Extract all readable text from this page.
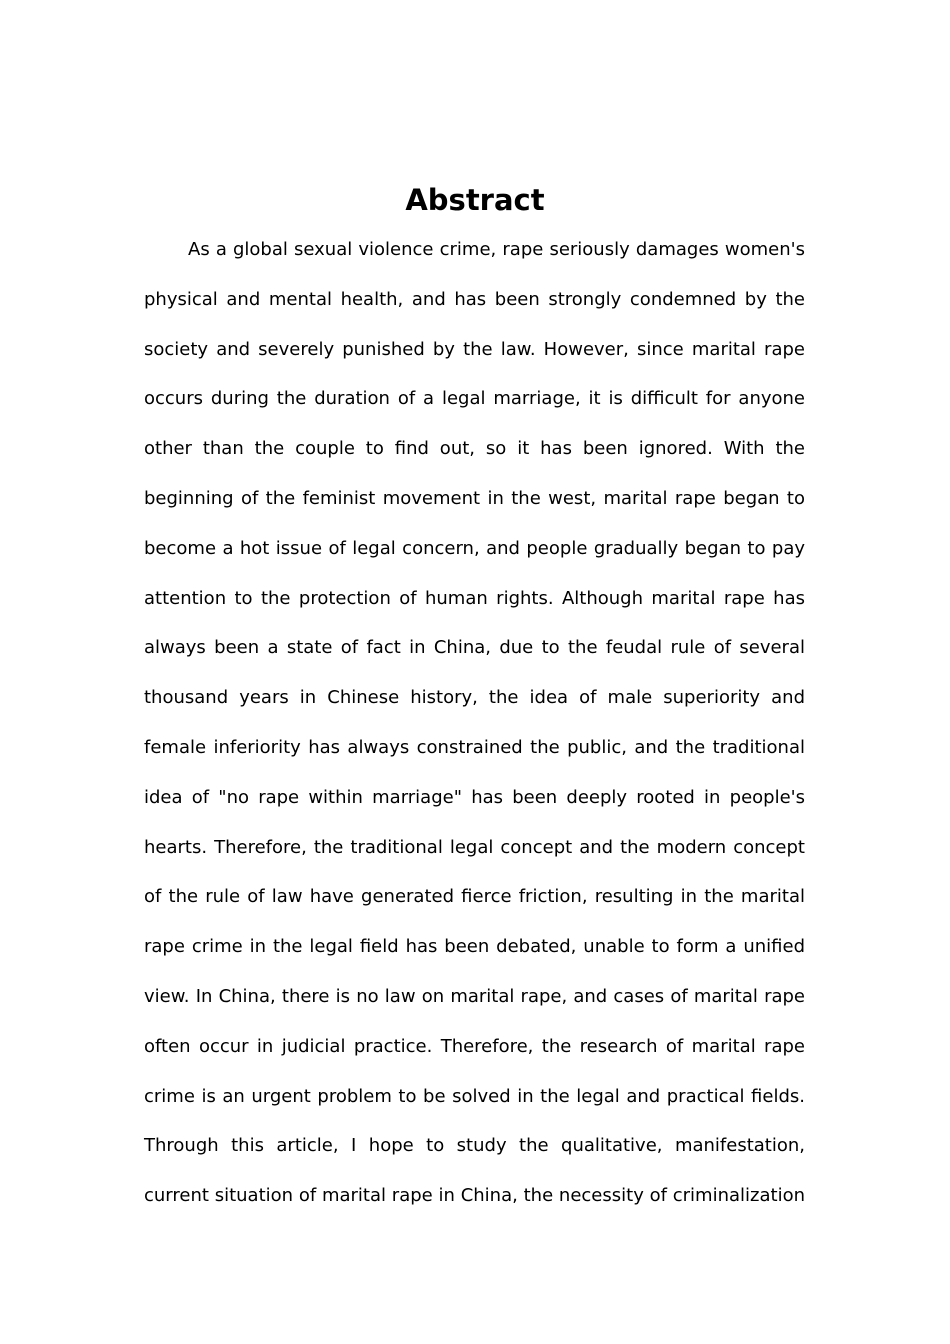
Abstract
As a global sexual violence crime, rape seriously damages women's
physical and mental health, and has been strongly condemned by the
society and severely punished by the law. However, since marital rape
occurs during the duration of a legal marriage, it is difficult for anyone
other than the couple to find out, so it has been ignored. With the
beginning of the feminist movement in the west, marital rape began to
become a hot issue of legal concern, and people gradually began to pay
attention to the protection of human rights. Although marital rape has
always been a state of fact in China, due to the feudal rule of several
thousand years in Chinese history, the idea of male superiority and
female inferiority has always constrained the public, and the traditional
idea of "no rape within marriage" has been deeply rooted in people's
hearts. Therefore, the traditional legal concept and the modern concept
of the rule of law have generated fierce friction, resulting in the marital
rape crime in the legal field has been debated, unable to form a unified
view. In China, there is no law on marital rape, and cases of marital rape
often occur in judicial practice. Therefore, the research of marital rape
crime is an urgent problem to be solved in the legal and practical fields.
Through this article, I hope to study the qualitative, manifestation,
current situation of marital rape in China, the necessity of criminalization
